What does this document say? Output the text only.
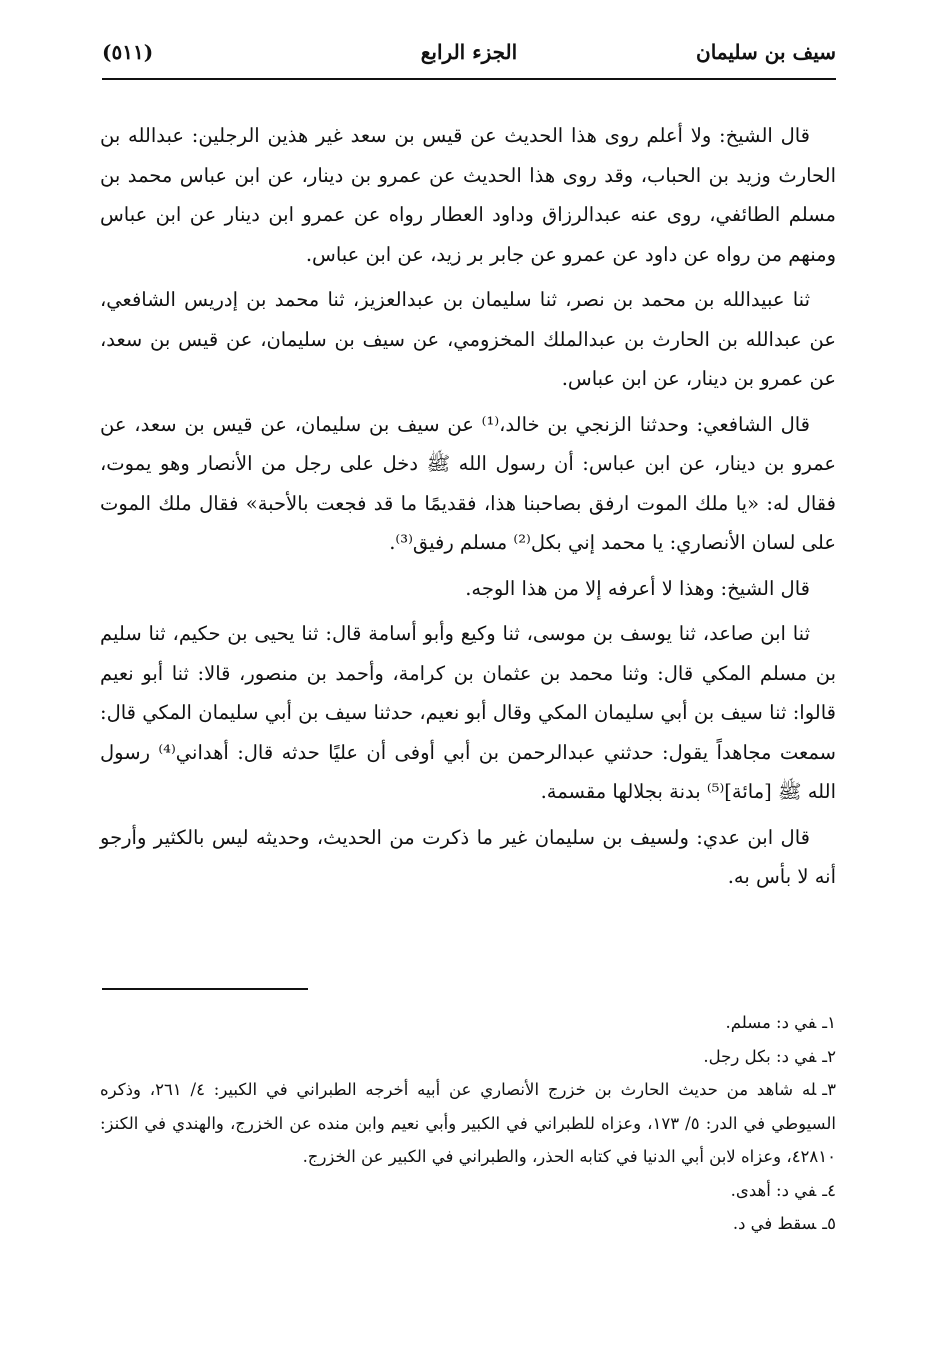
سيف بن سليمان
الجزء الرابع
(٥١١)

قال الشيخ: ولا أعلم روى هذا الحديث عن قيس بن سعد غير هذين الرجلين: عبدالله بن الحارث وزيد بن الحباب، وقد روى هذا الحديث عن عمرو بن دينار، عن ابن عباس محمد بن مسلم الطائفي، روى عنه عبدالرزاق وداود العطار رواه عن عمرو ابن دينار عن ابن عباس ومنهم من رواه عن داود عن عمرو عن جابر بر زيد، عن ابن عباس.

ثنا عبيدالله بن محمد بن نصر، ثنا سليمان بن عبدالعزيز، ثنا محمد بن إدريس الشافعي، عن عبدالله بن الحارث بن عبدالملك المخزومي، عن سيف بن سليمان، عن قيس بن سعد، عن عمرو بن دينار، عن ابن عباس.

قال الشافعي: وحدثنا الزنجي بن خالد،⁽¹⁾ عن سيف بن سليمان، عن قيس بن سعد، عن عمرو بن دينار، عن ابن عباس: أن رسول الله ﷺ دخل على رجل من الأنصار وهو يموت، فقال له: «يا ملك الموت ارفق بصاحبنا هذا، فقديمًا ما قد فجعت بالأحبة» فقال ملك الموت على لسان الأنصاري: يا محمد إني بكل⁽²⁾ مسلم رفيق⁽³⁾.

قال الشيخ: وهذا لا أعرفه إلا من هذا الوجه.

ثنا ابن صاعد، ثنا يوسف بن موسى، ثنا وكيع وأبو أسامة قال: ثنا يحيى بن حكيم، ثنا سليم بن مسلم المكي قال: وثنا محمد بن عثمان بن كرامة، وأحمد بن منصور، قالا: ثنا أبو نعيم قالوا: ثنا سيف بن أبي سليمان المكي وقال أبو نعيم، حدثنا سيف بن أبي سليمان المكي قال: سمعت مجاهداً يقول: حدثني عبدالرحمن بن أبي أوفى أن عليًا حدثه قال: أهداني⁽⁴⁾ رسول الله ﷺ [مائة]⁽⁵⁾ بدنة بجلالها مقسمة.

قال ابن عدي: ولسيف بن سليمان غير ما ذكرت من الحديث، وحديثه ليس بالكثير وأرجو أنه لا بأس به.

١ـفي د: مسلم.

٢ـفي د: بكل رجل.

٣ـله شاهد من حديث الحارث بن خزرج الأنصاري عن أبيه أخرجه الطبراني في الكبير: ٤/ ٢٦١، وذكره السيوطي في الدر: ٥/ ١٧٣، وعزاه للطبراني في الكبير وأبي نعيم وابن منده عن الخزرج، والهندي في الكنز: ٤٢٨١٠، وعزاه لابن أبي الدنيا في كتابه الحذر، والطبراني في الكبير عن الخزرج.

٤ـفي د: أهدى.

٥ـسقط في د.
